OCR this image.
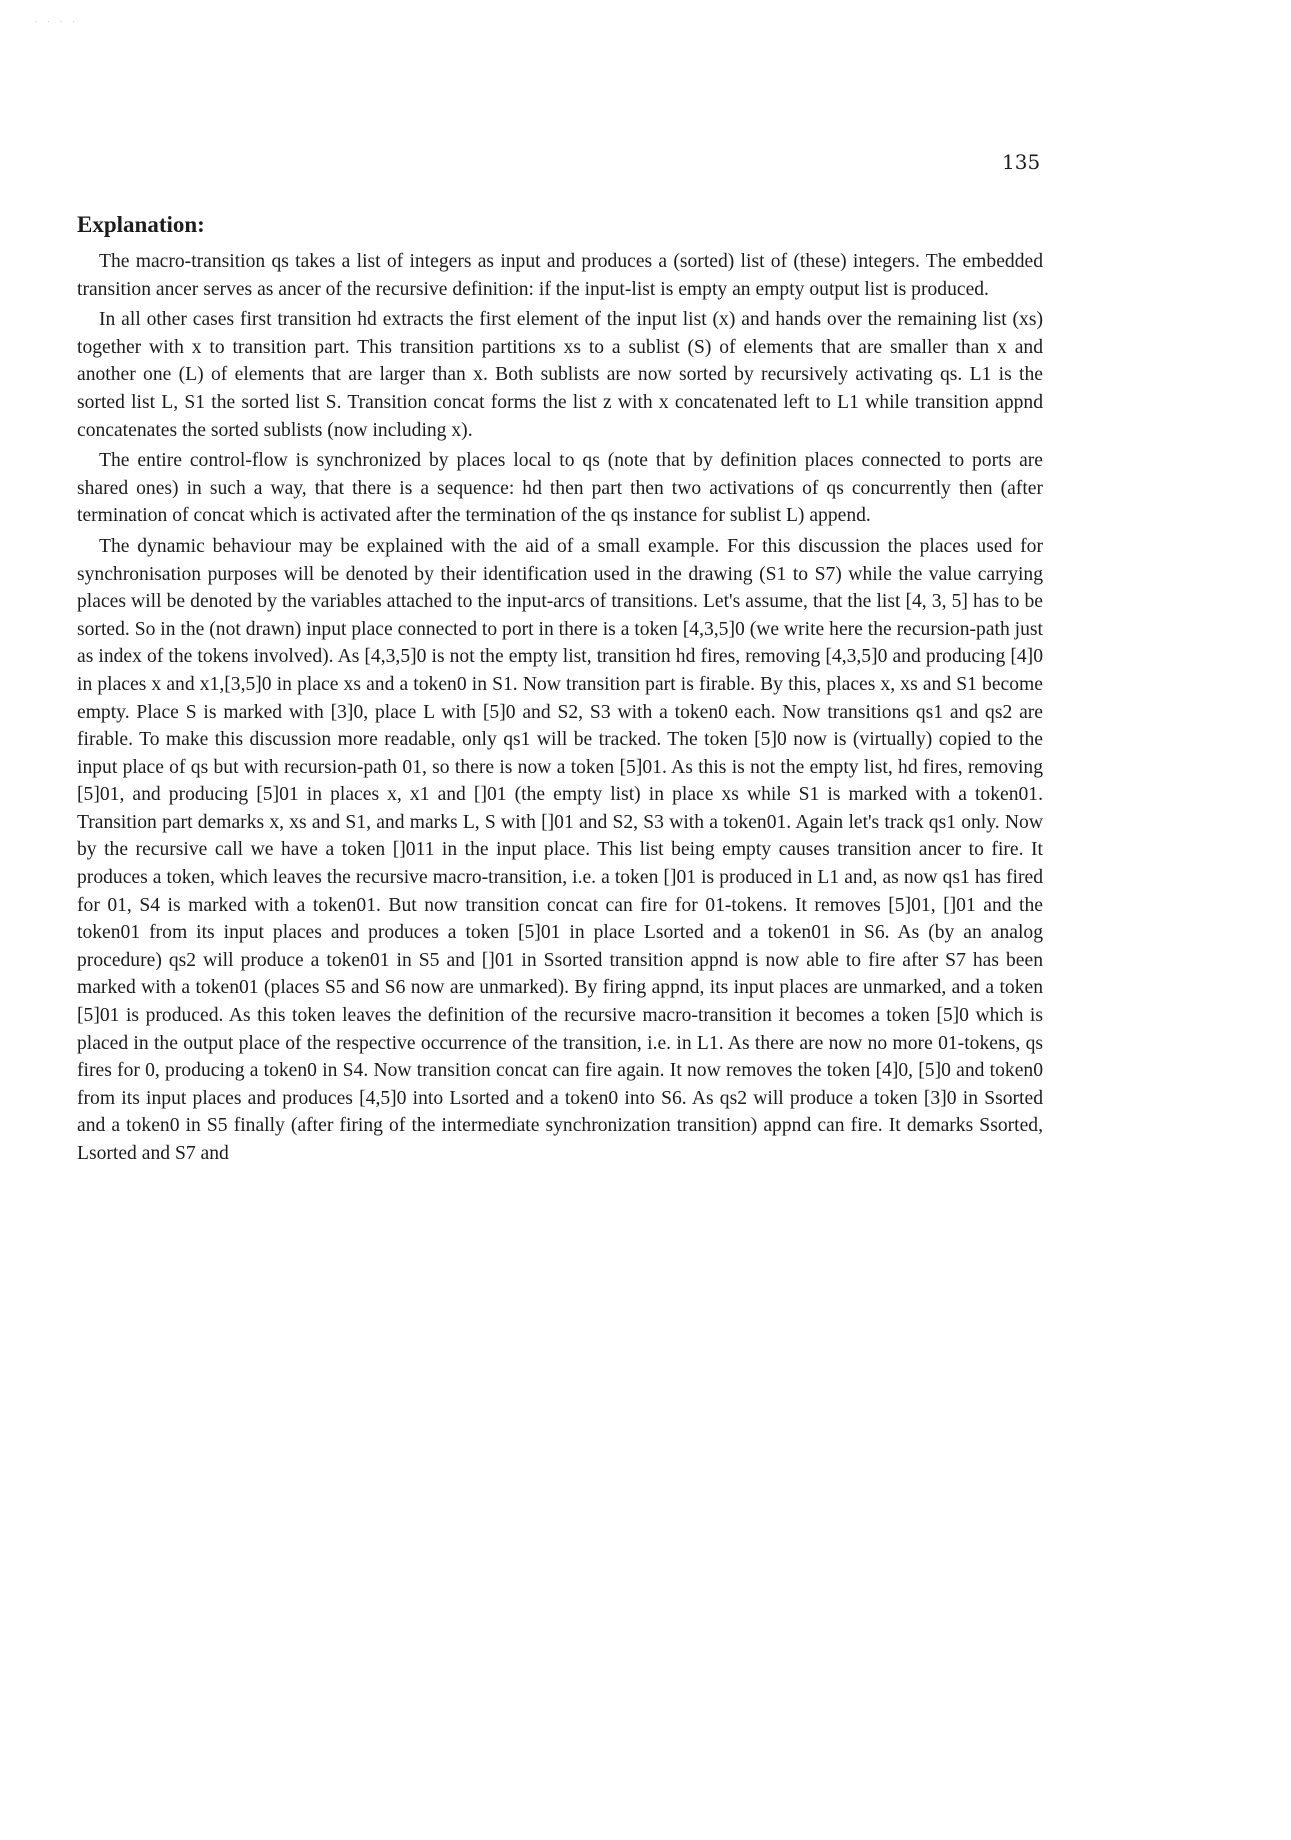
· · · ·
135
Explanation:

The macro-transition qs takes a list of integers as input and produces a (sorted) list of (these) integers. The embedded transition ancer serves as ancer of the recursive definition: if the input-list is empty an empty output list is produced.

In all other cases first transition hd extracts the first element of the input list (x) and hands over the remaining list (xs) together with x to transition part. This transition partitions xs to a sublist (S) of elements that are smaller than x and another one (L) of elements that are larger than x. Both sublists are now sorted by recursively activating qs. L1 is the sorted list L, S1 the sorted list S. Transition concat forms the list z with x concatenated left to L1 while transition appnd concatenates the sorted sublists (now including x).

The entire control-flow is synchronized by places local to qs (note that by definition places connected to ports are shared ones) in such a way, that there is a sequence: hd then part then two activations of qs concurrently then (after termination of concat which is activated after the termination of the qs instance for sublist L) append.

The dynamic behaviour may be explained with the aid of a small example. For this discussion the places used for synchronisation purposes will be denoted by their identification used in the drawing (S1 to S7) while the value carrying places will be denoted by the variables attached to the input-arcs of transitions. Let's assume, that the list [4, 3, 5] has to be sorted. So in the (not drawn) input place connected to port in there is a token [4,3,5]0 (we write here the recursion-path just as index of the tokens involved). As [4,3,5]0 is not the empty list, transition hd fires, removing [4,3,5]0 and producing [4]0 in places x and x1,[3,5]0 in place xs and a token0 in S1. Now transition part is firable. By this, places x, xs and S1 become empty. Place S is marked with [3]0, place L with [5]0 and S2, S3 with a token0 each. Now transitions qs1 and qs2 are firable. To make this discussion more readable, only qs1 will be tracked. The token [5]0 now is (virtually) copied to the input place of qs but with recursion-path 01, so there is now a token [5]01. As this is not the empty list, hd fires, removing [5]01, and producing [5]01 in places x, x1 and []01 (the empty list) in place xs while S1 is marked with a token01. Transition part demarks x, xs and S1, and marks L, S with []01 and S2, S3 with a token01. Again let's track qs1 only. Now by the recursive call we have a token []011 in the input place. This list being empty causes transition ancer to fire. It produces a token, which leaves the recursive macro-transition, i.e. a token []01 is produced in L1 and, as now qs1 has fired for 01, S4 is marked with a token01. But now transition concat can fire for 01-tokens. It removes [5]01, []01 and the token01 from its input places and produces a token [5]01 in place Lsorted and a token01 in S6. As (by an analog procedure) qs2 will produce a token01 in S5 and []01 in Ssorted transition appnd is now able to fire after S7 has been marked with a token01 (places S5 and S6 now are unmarked). By firing appnd, its input places are unmarked, and a token [5]01 is produced. As this token leaves the definition of the recursive macro-transition it becomes a token [5]0 which is placed in the output place of the respective occurrence of the transition, i.e. in L1. As there are now no more 01-tokens, qs fires for 0, producing a token0 in S4. Now transition concat can fire again. It now removes the token [4]0, [5]0 and token0 from its input places and produces [4,5]0 into Lsorted and a token0 into S6. As qs2 will produce a token [3]0 in Ssorted and a token0 in S5 finally (after firing of the intermediate synchronization transition) appnd can fire. It demarks Ssorted, Lsorted and S7 and
